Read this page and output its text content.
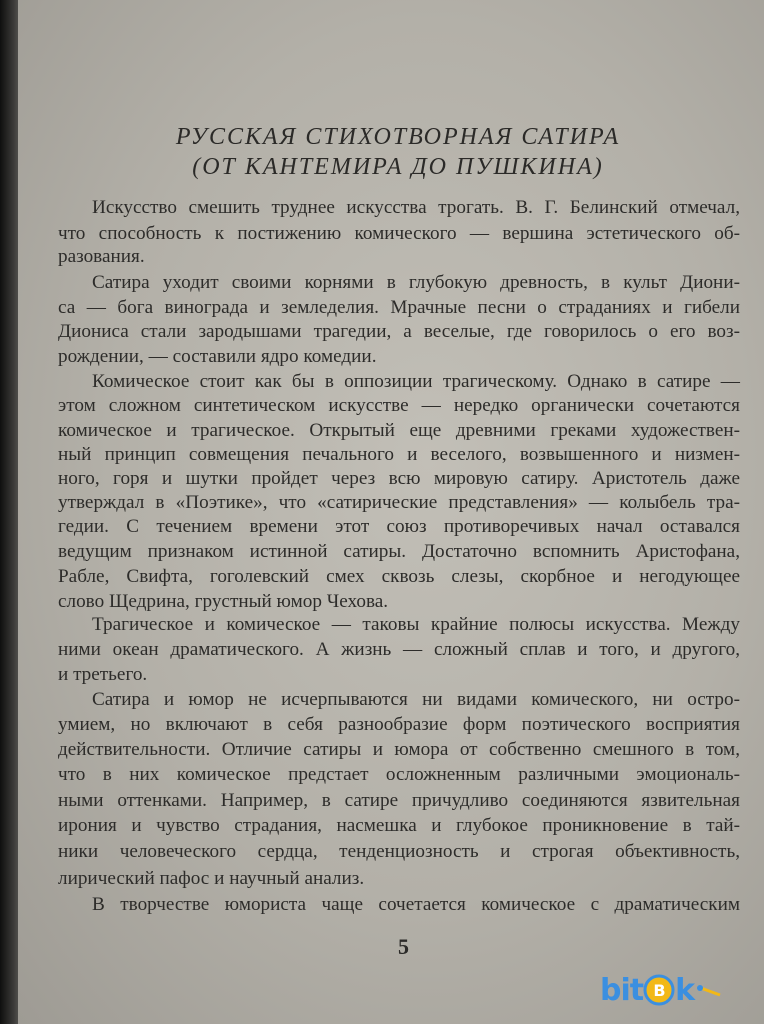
РУССКАЯ СТИХОТВОРНАЯ САТИРА
(ОТ КАНТЕМИРА ДО ПУШКИНА)
Искусство смешить труднее искусства трогать. В. Г. Белинский отмечал,
что способность к постижению комического — вершина эстетического об-
разования.
Сатира уходит своими корнями в глубокую древность, в культ Диони-
са — бога винограда и земледелия. Мрачные песни о страданиях и гибели
Диониса стали зародышами трагедии, а веселые, где говорилось о его воз-
рождении, — составили ядро комедии.
Комическое стоит как бы в оппозиции трагическому. Однако в сатире —
этом сложном синтетическом искусстве — нередко органически сочетаются
комическое и трагическое. Открытый еще древними греками художествен-
ный принцип совмещения печального и веселого, возвышенного и низмен-
ного, горя и шутки пройдет через всю мировую сатиру. Аристотель даже
утверждал в «Поэтике», что «сатирические представления» — колыбель тра-
гедии. С течением времени этот союз противоречивых начал оставался
ведущим признаком истинной сатиры. Достаточно вспомнить Аристофана,
Рабле, Свифта, гоголевский смех сквозь слезы, скорбное и негодующее
слово Щедрина, грустный юмор Чехова.
Трагическое и комическое — таковы крайние полюсы искусства. Между
ними океан драматического. А жизнь — сложный сплав и того, и другого,
и третьего.
Сатира и юмор не исчерпываются ни видами комического, ни остро-
умием, но включают в себя разнообразие форм поэтического восприятия
действительности. Отличие сатиры и юмора от собственно смешного в том,
что в них комическое предстает осложненным различными эмоциональ-
ными оттенками. Например, в сатире причудливо соединяются язвительная
ирония и чувство страдания, насмешка и глубокое проникновение в тай-
ники человеческого сердца, тенденциозность и строгая объективность,
лирический пафос и научный анализ.
В творчестве юмориста чаще сочетается комическое с драматическим
5
bit B k
